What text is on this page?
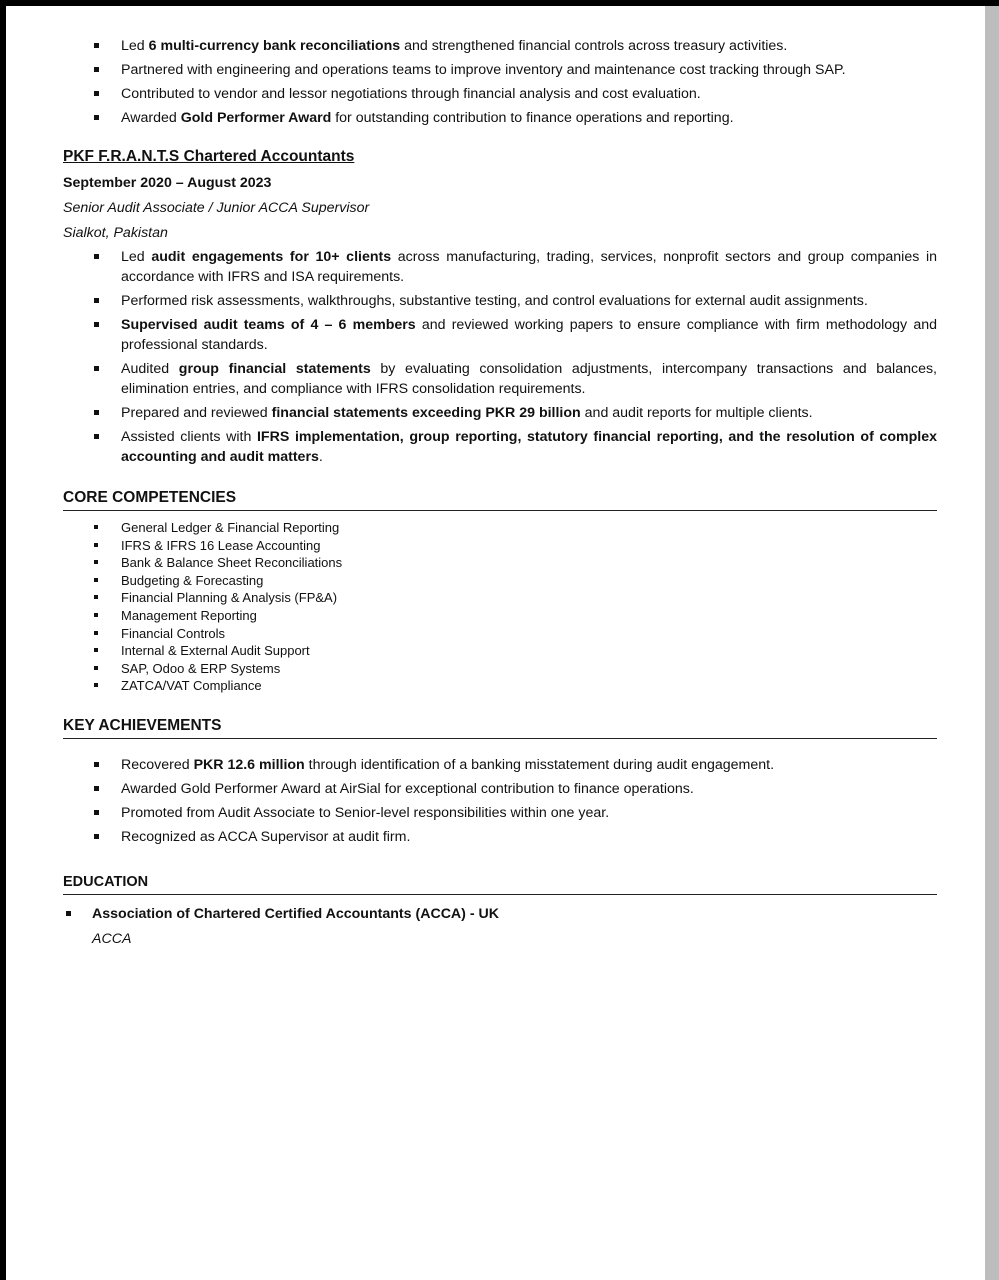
Led 6 multi-currency bank reconciliations and strengthened financial controls across treasury activities.
Partnered with engineering and operations teams to improve inventory and maintenance cost tracking through SAP.
Contributed to vendor and lessor negotiations through financial analysis and cost evaluation.
Awarded Gold Performer Award for outstanding contribution to finance operations and reporting.
PKF F.R.A.N.T.S Chartered Accountants
September 2020 – August 2023
Senior Audit Associate / Junior ACCA Supervisor
Sialkot, Pakistan
Led audit engagements for 10+ clients across manufacturing, trading, services, nonprofit sectors and group companies in accordance with IFRS and ISA requirements.
Performed risk assessments, walkthroughs, substantive testing, and control evaluations for external audit assignments.
Supervised audit teams of 4 – 6 members and reviewed working papers to ensure compliance with firm methodology and professional standards.
Audited group financial statements by evaluating consolidation adjustments, intercompany transactions and balances, elimination entries, and compliance with IFRS consolidation requirements.
Prepared and reviewed financial statements exceeding PKR 29 billion and audit reports for multiple clients.
Assisted clients with IFRS implementation, group reporting, statutory financial reporting, and the resolution of complex accounting and audit matters.
CORE COMPETENCIES
General Ledger & Financial Reporting
IFRS & IFRS 16 Lease Accounting
Bank & Balance Sheet Reconciliations
Budgeting & Forecasting
Financial Planning & Analysis (FP&A)
Management Reporting
Financial Controls
Internal & External Audit Support
SAP, Odoo & ERP Systems
ZATCA/VAT Compliance
KEY ACHIEVEMENTS
Recovered PKR 12.6 million through identification of a banking misstatement during audit engagement.
Awarded Gold Performer Award at AirSial for exceptional contribution to finance operations.
Promoted from Audit Associate to Senior-level responsibilities within one year.
Recognized as ACCA Supervisor at audit firm.
EDUCATION
Association of Chartered Certified Accountants (ACCA) - UK
ACCA
